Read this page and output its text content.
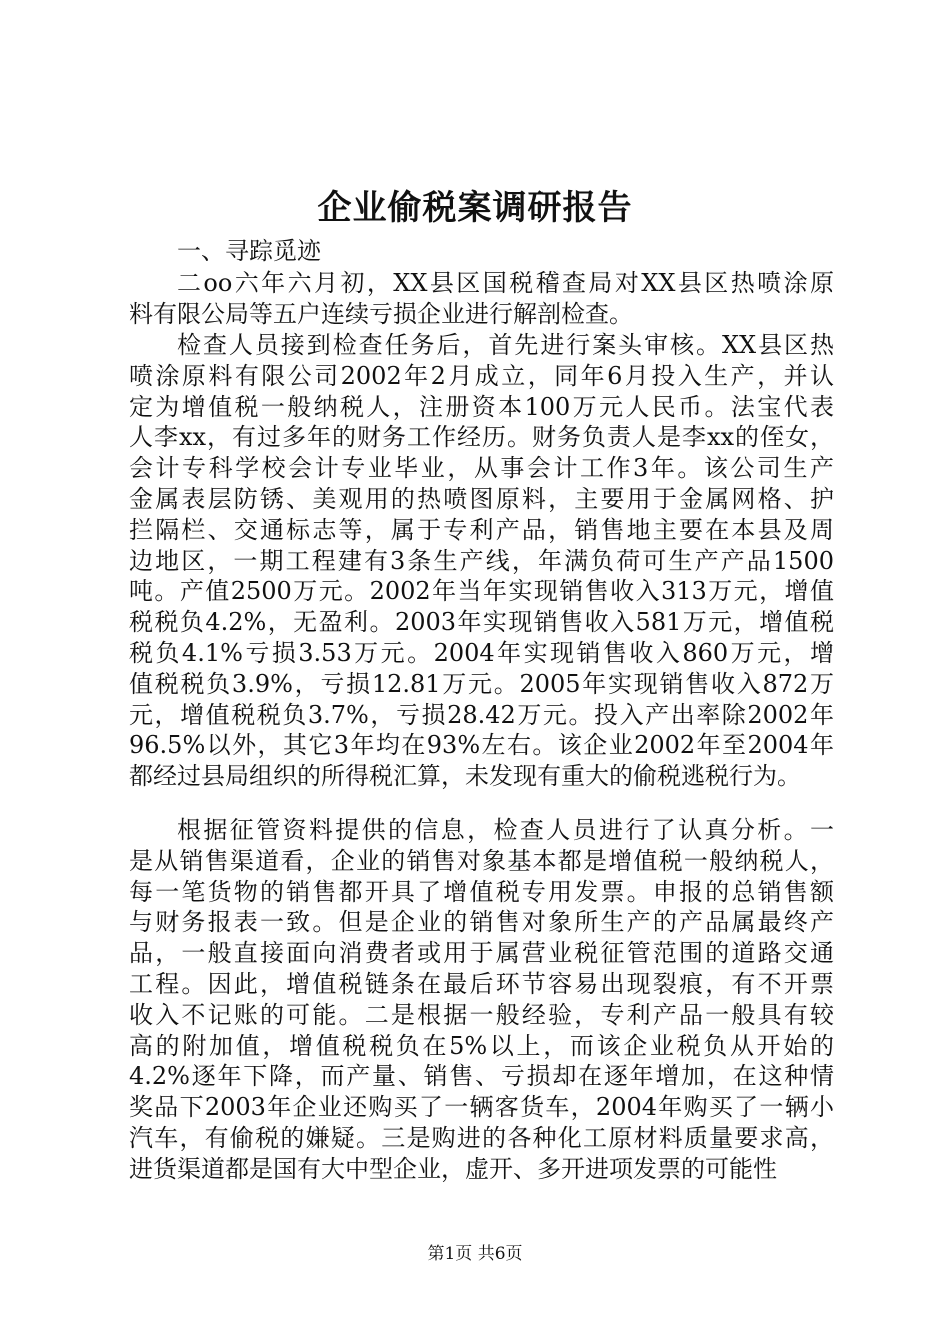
企业偷税案调研报告
一、寻踪觅迹
二oo六年六月初，XX县区国税稽查局对XX县区热喷涂原
料有限公局等五户连续亏损企业进行解剖检查。
检查人员接到检查任务后，首先进行案头审核。XX县区热
喷涂原料有限公司2002年2月成立，同年6月投入生产，并认
定为增值税一般纳税人，注册资本100万元人民币。法宝代表
人李xx，有过多年的财务工作经历。财务负责人是李xx的侄女，
会计专科学校会计专业毕业，从事会计工作3年。该公司生产
金属表层防锈、美观用的热喷图原料，主要用于金属网格、护
拦隔栏、交通标志等，属于专利产品，销售地主要在本县及周
边地区，一期工程建有3条生产线，年满负荷可生产产品1500
吨。产值2500万元。2002年当年实现销售收入313万元，增值
税税负4.2%，无盈利。2003年实现销售收入581万元，增值税
税负4.1%亏损3.53万元。2004年实现销售收入860万元，增
值税税负3.9%，亏损12.81万元。2005年实现销售收入872万
元，增值税税负3.7%，亏损28.42万元。投入产出率除2002年
96.5%以外，其它3年均在93%左右。该企业2002年至2004年
都经过县局组织的所得税汇算，未发现有重大的偷税逃税行为。
根据征管资料提供的信息，检查人员进行了认真分析。一
是从销售渠道看，企业的销售对象基本都是增值税一般纳税人，
每一笔货物的销售都开具了增值税专用发票。申报的总销售额
与财务报表一致。但是企业的销售对象所生产的产品属最终产
品，一般直接面向消费者或用于属营业税征管范围的道路交通
工程。因此，增值税链条在最后环节容易出现裂痕，有不开票
收入不记账的可能。二是根据一般经验，专利产品一般具有较
高的附加值，增值税税负在5%以上，而该企业税负从开始的
4.2%逐年下降，而产量、销售、亏损却在逐年增加，在这种情
奖品下2003年企业还购买了一辆客货车，2004年购买了一辆小
汽车，有偷税的嫌疑。三是购进的各种化工原材料质量要求高，
进货渠道都是国有大中型企业，虚开、多开进项发票的可能性
第1页 共6页
